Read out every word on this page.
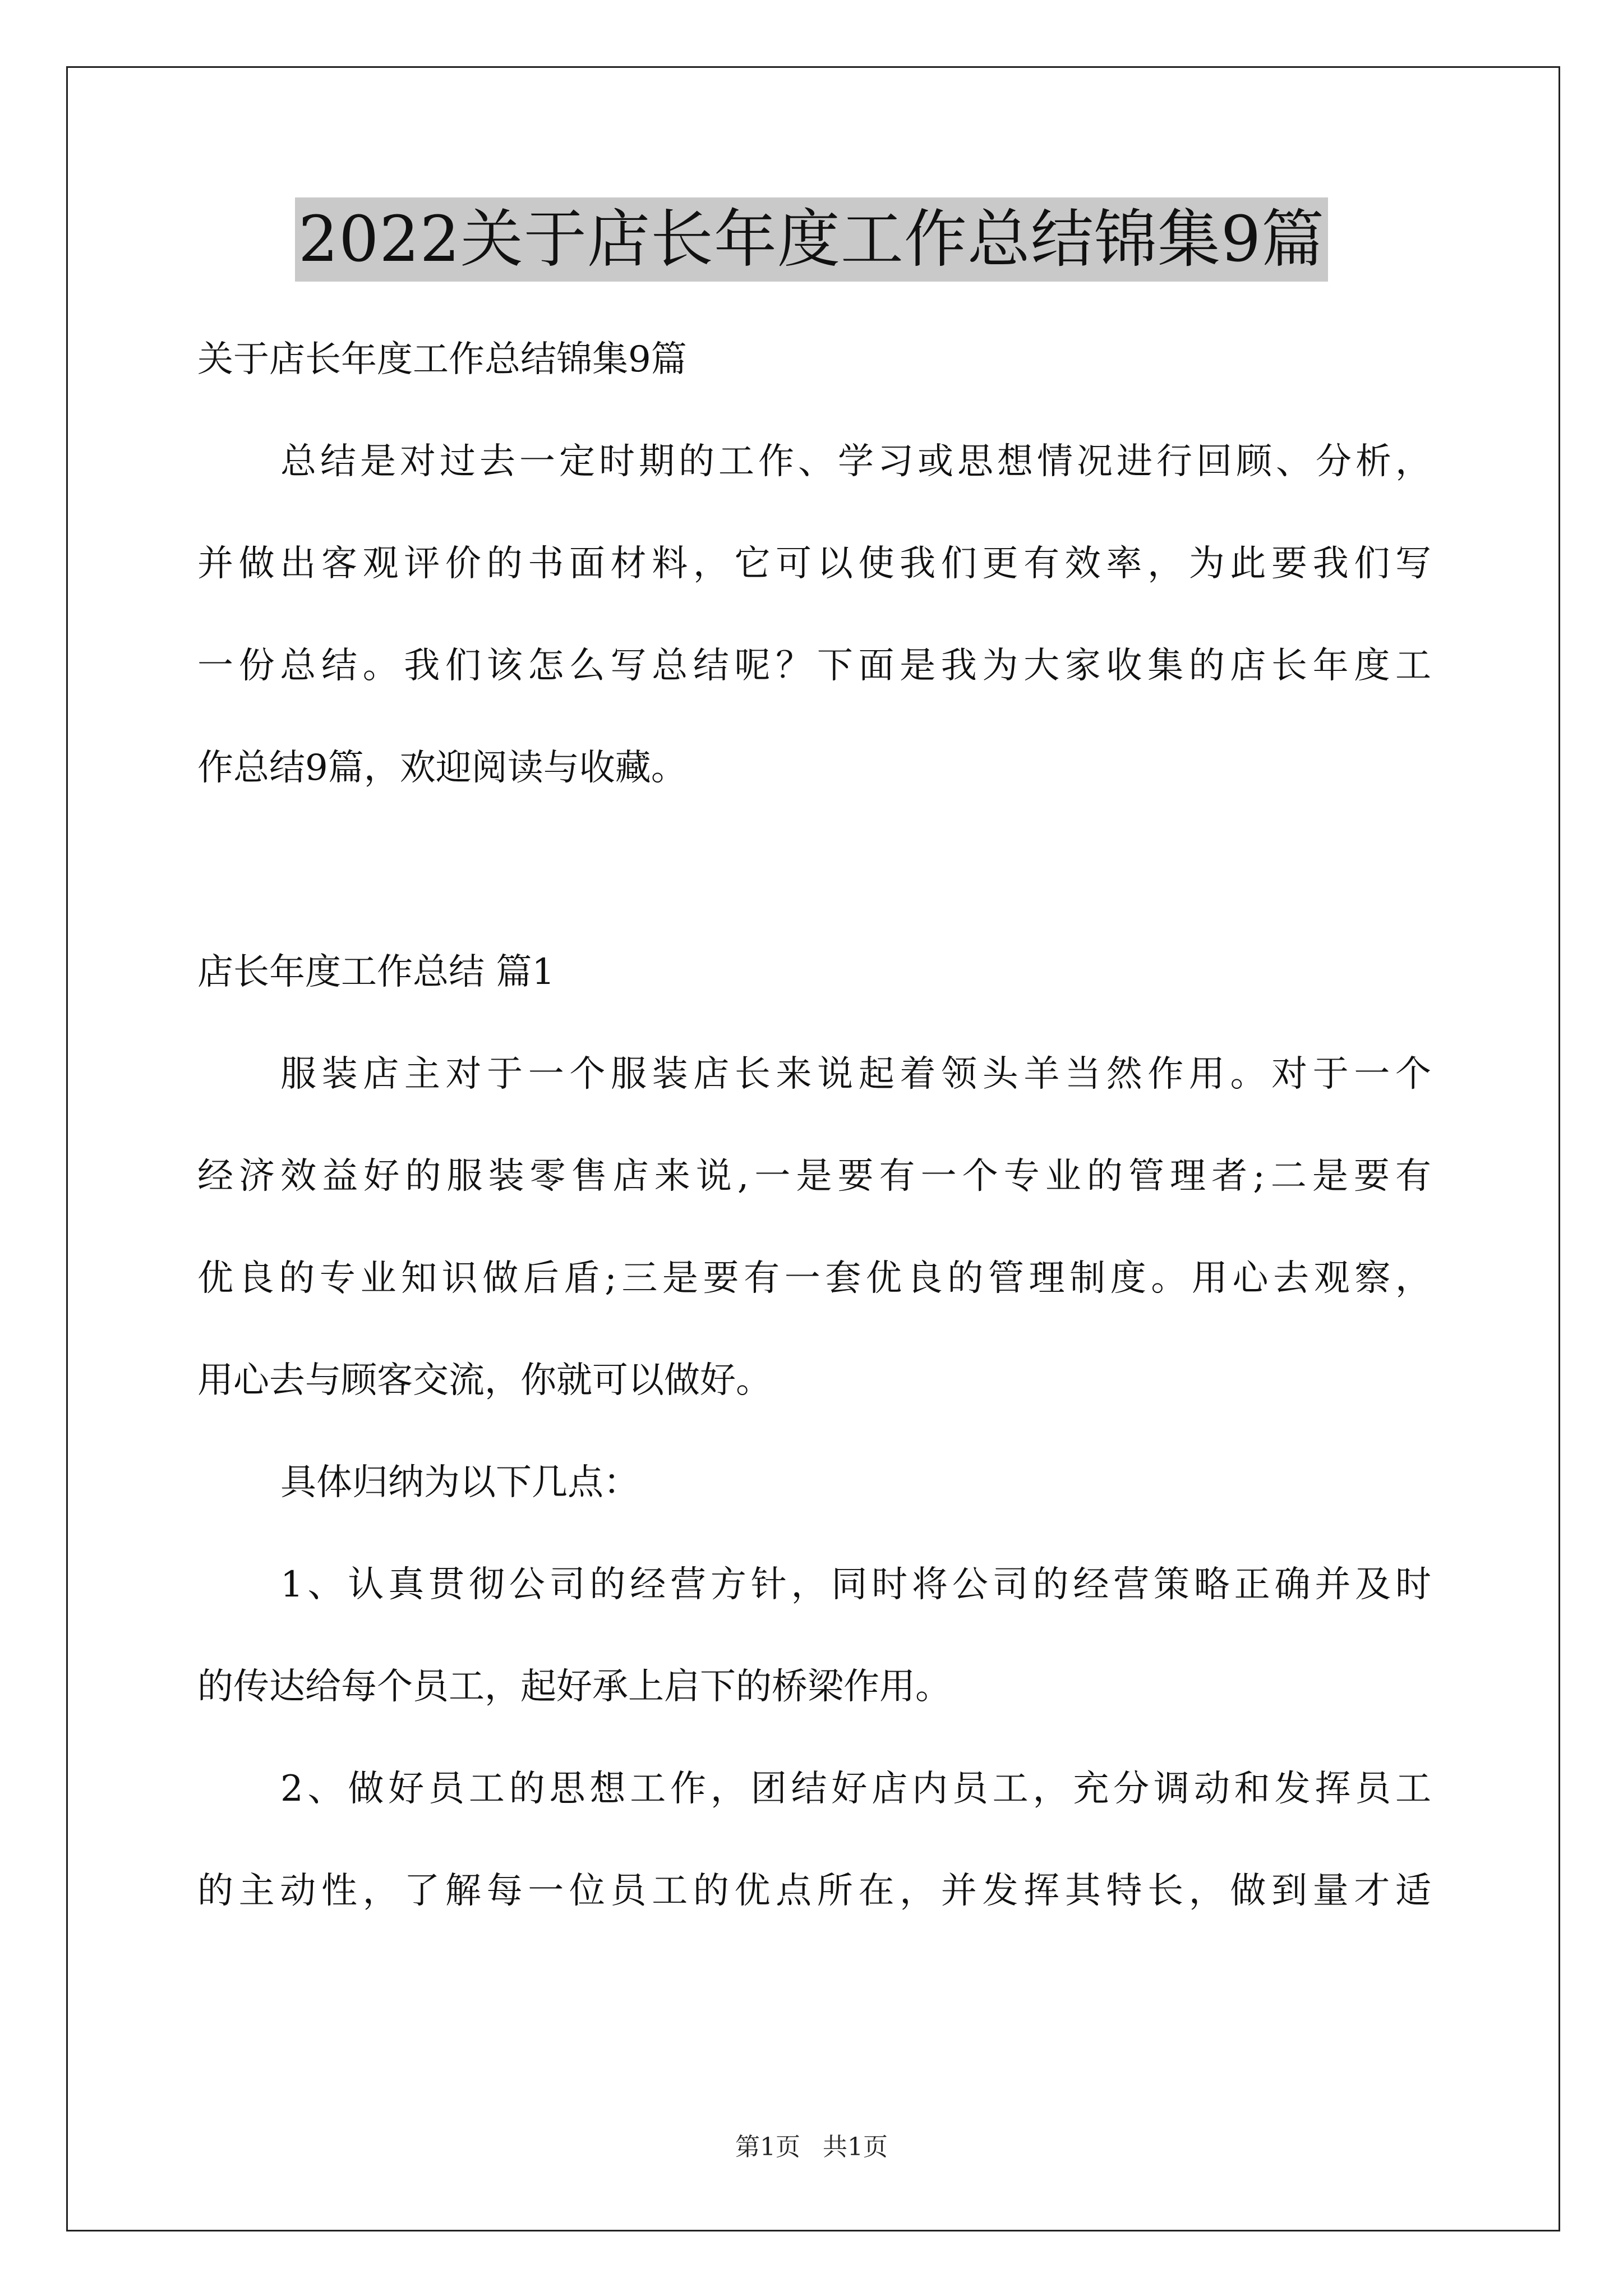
2022关于店长年度工作总结锦集9篇
关于店长年度工作总结锦集9篇
总结是对过去一定时期的工作、学习或思想情况进行回顾、分析，
并做出客观评价的书面材料，它可以使我们更有效率，为此要我们写
一份总结。我们该怎么写总结呢？下面是我为大家收集的店长年度工
作总结9篇，欢迎阅读与收藏。
店长年度工作总结 篇1
服装店主对于一个服装店长来说起着领头羊当然作用。对于一个
经济效益好的服装零售店来说,一是要有一个专业的管理者;二是要有
优良的专业知识做后盾;三是要有一套优良的管理制度。用心去观察，
用心去与顾客交流，你就可以做好。
具体归纳为以下几点：
1、认真贯彻公司的经营方针，同时将公司的经营策略正确并及时
的传达给每个员工，起好承上启下的桥梁作用。
2、做好员工的思想工作，团结好店内员工，充分调动和发挥员工
的主动性，了解每一位员工的优点所在，并发挥其特长，做到量才适
第1页 共1页
